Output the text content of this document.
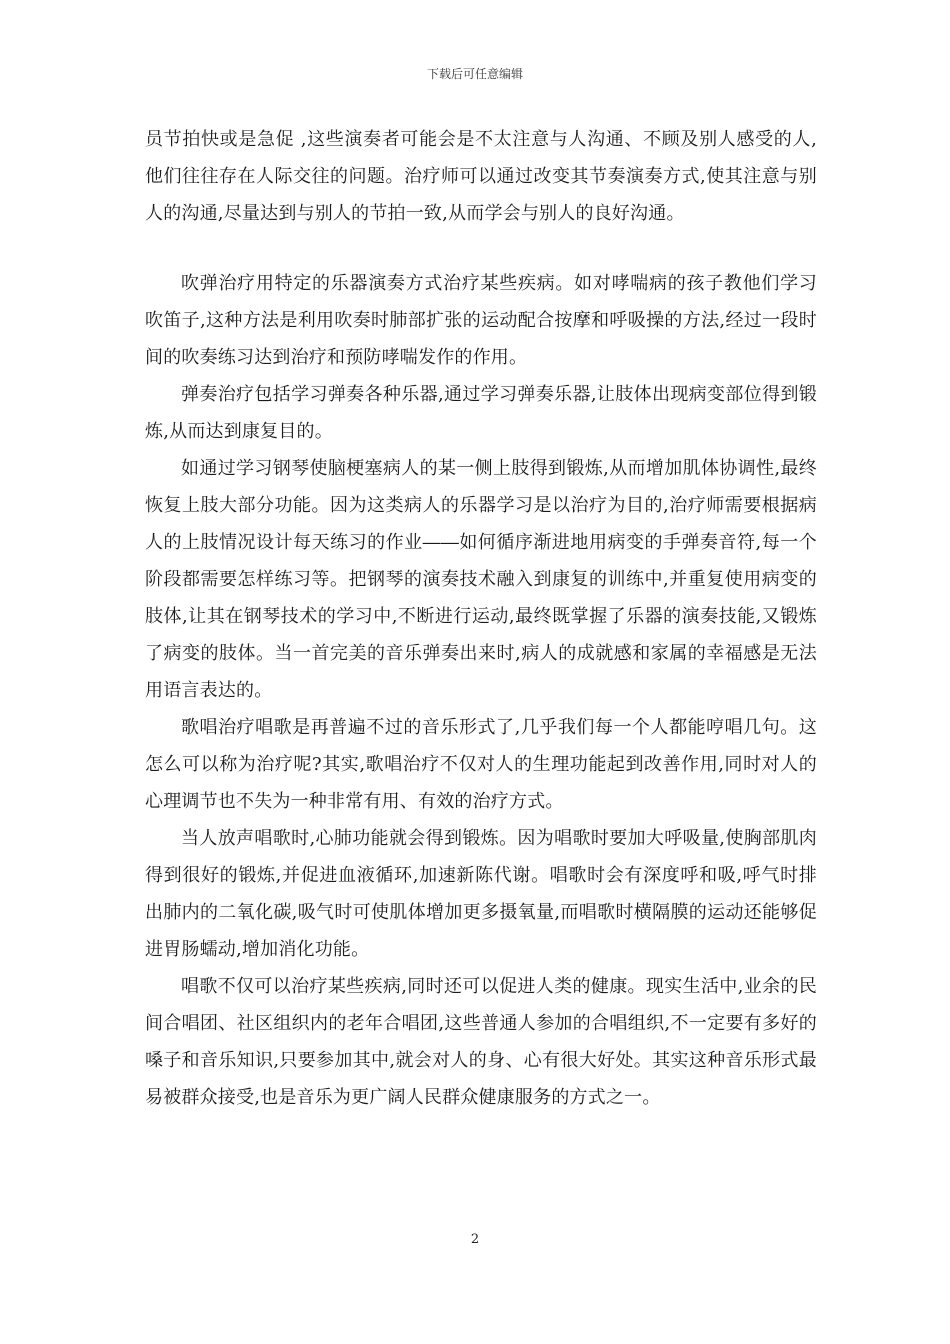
下载后可任意编辑

员节拍快或是急促 ,这些演奏者可能会是不太注意与人沟通、不顾及别人感受的人,他们往往存在人际交往的问题。治疗师可以通过改变其节奏演奏方式,使其注意与别人的沟通,尽量达到与别人的节拍一致,从而学会与别人的良好沟通。

吹弹治疗用特定的乐器演奏方式治疗某些疾病。如对哮喘病的孩子教他们学习吹笛子,这种方法是利用吹奏时肺部扩张的运动配合按摩和呼吸操的方法,经过一段时间的吹奏练习达到治疗和预防哮喘发作的作用。

弹奏治疗包括学习弹奏各种乐器,通过学习弹奏乐器,让肢体出现病变部位得到锻炼,从而达到康复目的。

如通过学习钢琴使脑梗塞病人的某一侧上肢得到锻炼,从而增加肌体协调性,最终恢复上肢大部分功能。因为这类病人的乐器学习是以治疗为目的,治疗师需要根据病人的上肢情况设计每天练习的作业――如何循序渐进地用病变的手弹奏音符,每一个阶段都需要怎样练习等。把钢琴的演奏技术融入到康复的训练中,并重复使用病变的肢体,让其在钢琴技术的学习中,不断进行运动,最终既掌握了乐器的演奏技能,又锻炼了病变的肢体。当一首完美的音乐弹奏出来时,病人的成就感和家属的幸福感是无法用语言表达的。

歌唱治疗唱歌是再普遍不过的音乐形式了,几乎我们每一个人都能哼唱几句。这怎么可以称为治疗呢?其实,歌唱治疗不仅对人的生理功能起到改善作用,同时对人的心理调节也不失为一种非常有用、有效的治疗方式。

当人放声唱歌时,心肺功能就会得到锻炼。因为唱歌时要加大呼吸量,使胸部肌肉得到很好的锻炼,并促进血液循环,加速新陈代谢。唱歌时会有深度呼和吸,呼气时排出肺内的二氧化碳,吸气时可使肌体增加更多摄氧量,而唱歌时横隔膜的运动还能够促进胃肠蠕动,增加消化功能。

唱歌不仅可以治疗某些疾病,同时还可以促进人类的健康。现实生活中,业余的民间合唱团、社区组织内的老年合唱团,这些普通人参加的合唱组织,不一定要有多好的嗓子和音乐知识,只要参加其中,就会对人的身、心有很大好处。其实这种音乐形式最易被群众接受,也是音乐为更广阔人民群众健康服务的方式之一。

2
